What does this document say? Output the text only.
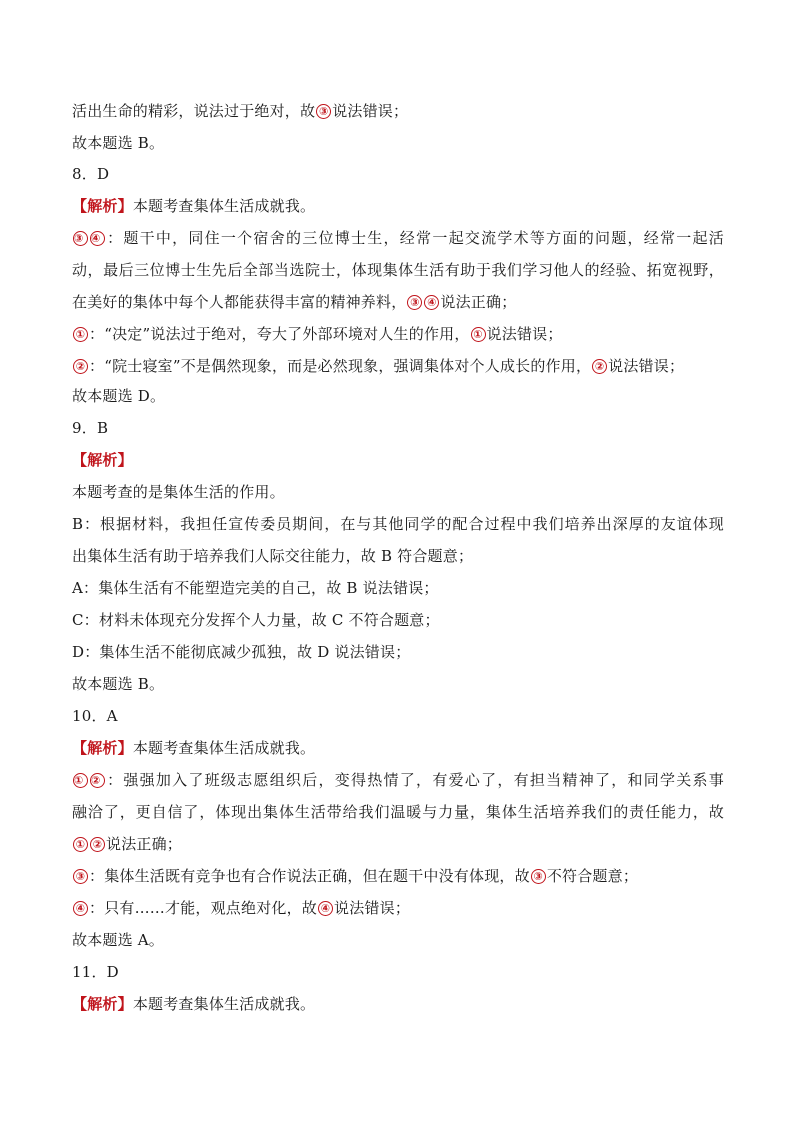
活出生命的精彩，说法过于绝对，故 ③ 说法错误；
故本题选 B。
8．D
【解析】本题考查集体生活成就我。
③ ④ ：题干中，同住一个宿舍的三位博士生，经常一起交流学术等方面的问题，经常一起活
动，最后三位博士生先后全部当选院士，体现集体生活有助于我们学习他人的经验、拓宽视野，
在美好的集体中每个人都能获得丰富的精神养料， ③ ④ 说法正确；
① ：“决定”说法过于绝对，夸大了外部环境对人生的作用， ① 说法错误；
② ：“院士寝室”不是偶然现象，而是必然现象，强调集体对个人成长的作用， ② 说法错误；
故本题选 D。
9．B
【解析】
本题考查的是集体生活的作用。
B：根据材料，我担任宣传委员期间，在与其他同学的配合过程中我们培养出深厚的友谊体现
出集体生活有助于培养我们人际交往能力，故 B 符合题意；
A：集体生活有不能塑造完美的自己，故 B 说法错误；
C：材料未体现充分发挥个人力量，故 C 不符合题意；
D：集体生活不能彻底减少孤独，故 D 说法错误；
故本题选 B。
10．A
【解析】本题考查集体生活成就我。
① ② ：强强加入了班级志愿组织后，变得热情了，有爱心了，有担当精神了，和同学关系事
融洽了，更自信了，体现出集体生活带给我们温暖与力量，集体生活培养我们的责任能力，故
① ② 说法正确；
③ ：集体生活既有竞争也有合作说法正确，但在题干中没有体现，故 ③ 不符合题意；
④ ：只有……才能，观点绝对化，故 ④ 说法错误；
故本题选 A。
11．D
【解析】本题考查集体生活成就我。
